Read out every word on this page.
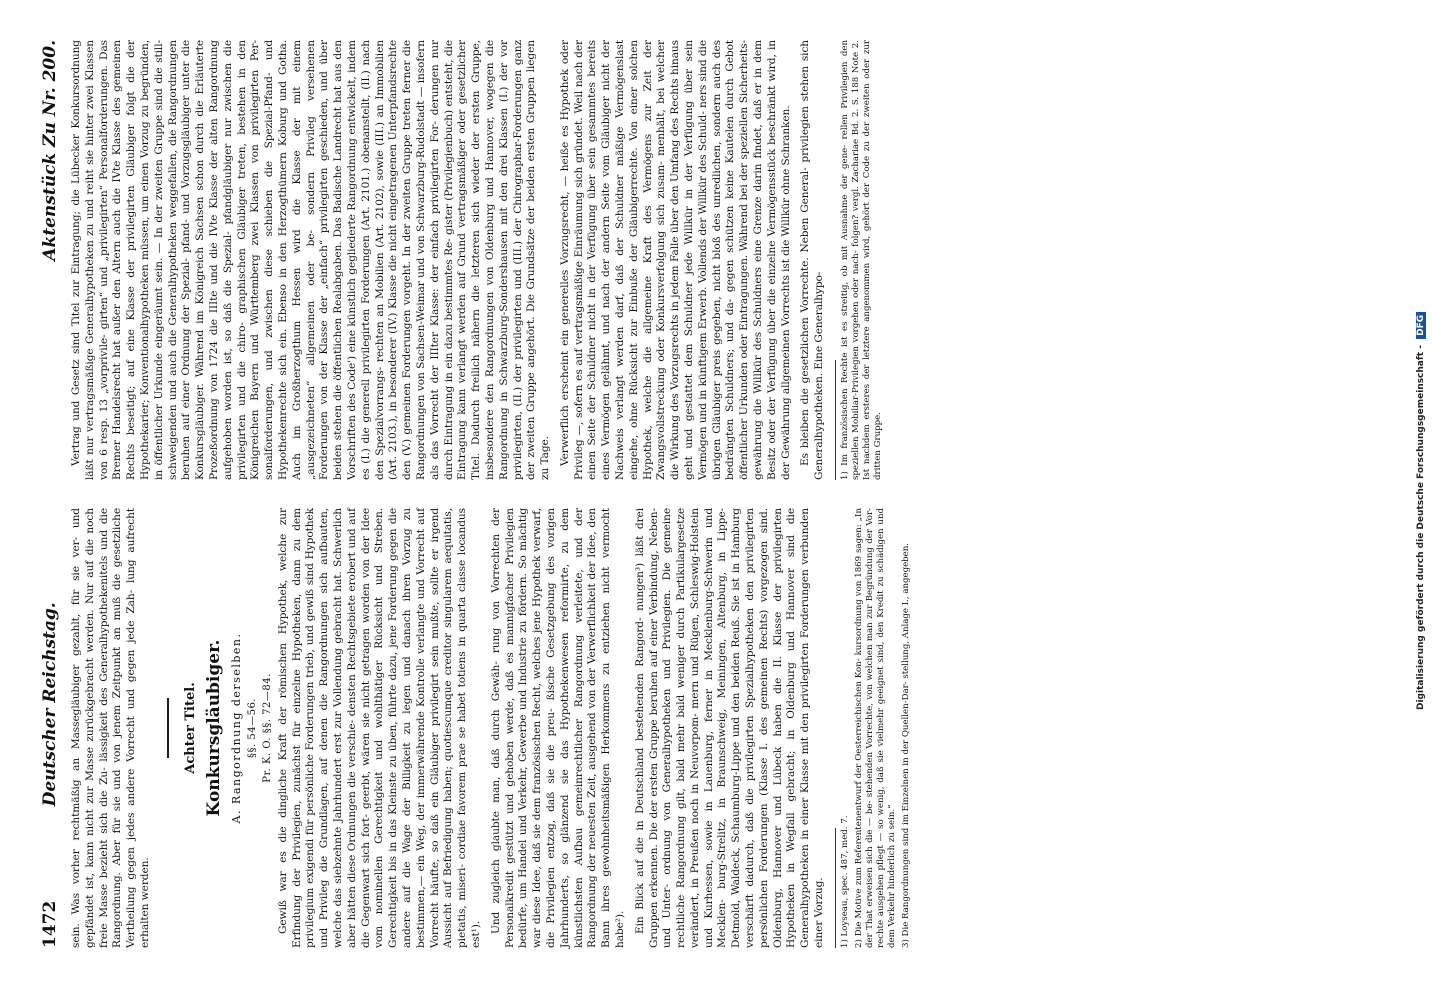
1472
Deutscher Reichstag. sein. Was vorher rechtmäßig an Massegläubiger gezahlt, für sie ver- und gepfändet ist, kann nicht zur Masse zurückgebracht werden. Nur auf die noch freie Masse bezieht sich die Zu- lässigkeit des Generalhypothekenitels und die Rangordnung. Aber für sie und von jenem Zeitpunkt an muß die gesetzliche Vertheilung gegen jedes andere Vorrecht und gegen jede Zah- lung aufrecht erhalten werden.

Achter Titel. Konkursgläubiger. A. Rangordnung derselben. §§. 54—56. Pr. K. O. §§. 72—84. Gewiß war es die dingliche Kraft der römischen Hypothek, welche zur Erfindung der Privilegien, zunächst für einzelne Hypotheken, dann zu dem privilegium exigendi für persönliche Forderungen trieb, und gewiß sind Hypothek und Privileg die Grundlagen, auf denen die Rangordnungen sich aufbauten, welche das siebzehnte Jahrhundert erst zur Vollendung gebracht hat. Schwerlich aber hätten diese Ordnungen die verschie- densten Rechtsgebiete erobert und auf die Gegenwart sich fort- geerbt, wären sie nicht getragen worden von der Idee vom nominellen Gerechtigkeit und wohlthätiger Rücksicht und Streben. Gerechtigkeit bis in das Kleinste zu üben, führte dazu, jene Forderung gegen die andere auf die Wage der Billigkeit zu legen und danach ihren Vorzug zu bestimmen,— ein Weg, der immerwährende Kontrolle verlangte und Vorrecht auf Vorrecht häufte, so daß ein Gläubiger privilegirt sein mußte, sollte er irgend Aussicht auf Befriedigung haben; quotiescumque creditor singularem aequitatis, pietatis, miseri- cordiae favorem prae se habet totiens in quarta classe locandus est¹).

Und zugleich glaubte man, daß durch Gewäh- rung von Vorrechten der Personalkredit gestützt und gehoben werde, daß es mannigfacher Privilegien bedürfe, um Handel und Verkehr, Gewerbe und Industrie zu fördern. So mächtig war diese Idee, daß sie dem französischen Recht, welches jene Hypothek verwarf, die Privilegien entzog, daß sie die preu- ßische Gesetzgebung des vorigen Jahrhunderts, so glänzend sie das Hypothekenwesen reformirte, zu dem künstlichsten Aufbau gemeinrechtlicher Rangordnung verleitete, und der Rangordnung der neuesten Zeit, ausgehend von der Verwerflichkeit der Idee, den Bann ihres gewohnheitsmäßigen Herkommens zu entziehen nicht vermocht habe²). Ein Blick auf die in Deutschland bestehenden Rangord- nungen³) läßt drei Gruppen erkennen. Die der ersten Gruppe beruhen auf einer Verbindung, Neben- und Unter- ordnung von Generalhypotheken und Privilegien. Die gemeine rechtliche Rangordnung gilt, bald mehr bald weniger durch Partikulargesetze verändert, in Preußen noch in Neuvorpom- mern und Rügen, Schleswig-Holstein und Kurhessen, sowie in Lauenburg, ferner in Mecklenburg-Schwerin und Mecklen- burg-Strelitz, in Braunschweig, Meiningen, Altenburg, in Lippe- Detmold, Waldeck, Schaumburg-Lippe und den beiden Reuß. Sie ist in Hamburg verschärft dadurch, daß die privilegirten Spezialhypotheken den privilegirten persönlichen Forderungen (Klasse I. des gemeinen Rechts) vorgezogen sind. Oldenburg, Hannover und Lübeck haben die II. Klasse der privilegirten Hypotheken in Wegfall gebracht; in Oldenburg und Hannover sind die Generalhypotheken in einer Klasse mit den privilegirten Forderungen verbunden einer Vorzug. 1) Loyseau, spec. 487, med. 7. 2) Die Motive zum Referentenentwurf der Oesterreichischen Kon- kursordnung von 1869 sagen: „In der That erweisen sich die — be- stehenden Vorrechte, von welchen man zur Begründung der Vor- rechte ausgehen pflegt — so wenig, daß sie vielmehr geeignet sind, den Kredit zu schädigen und dem Verkehr hinderlich zu sein.“ 3) Die Rangordnungen sind im Einzelnen in der Quellen-Dar- stellung, Anlage I., angegeben.

Aktenstück Zu Nr. 200. Vertrag und Gesetz sind Titel zur Eintragung; die Lübecker Konkursordnung läßt nur vertragsmäßige Generalhypotheken zu und reiht sie hinter zwei Klassen von 6 resp. 13 „vorprivile- girten“ und „privilegirten“ Personalforderungen. Das Bremer Handelsrecht hat außer den Altern auch die IVte Klasse des gemeinen Rechts beseitigt; auf eine Klasse der privilegirten Gläubiger folgt die der Hypothekarier; Konventionalhypotheken müssen, um einen Vorzug zu begründen, in öffentlicher Urkunde eingeräumt sein. — In der zweiten Gruppe sind die still- schweigenden und auch die Generalhypotheken weggefallen, die Rangordnungen beruhen auf einer Ordnung der Spezial- pfand- und Vorzugsgläubiger unter die Konkursgläubiger. Während im Königreich Sachsen schon durch die Erläuterte Prozeßordnung von 1724 die IIIte und die IVte Klasse der alten Rangordnung aufgehoben worden ist, so daß die Spezial- pfandgläubiger nur zwischen die privilegirten und die chiro- graphischen Gläubiger treten, bestehen in den Königreichen Bayern und Württemberg zwei Klassen von privilegirten Per- sonalforderungen, und zwischen diese schieben die Spezial-Pfand- und Hypothekenrechte sich ein. Ebenso in den Herzogthümern Koburg und Gotha. Auch im Großherzogthum Hessen wird die Klasse der mit einem „ausgezeichneten“ allgemeinen oder be- sondern Privileg versehenen Forderungen von der Klasse der „einfach“ privilegirten geschieden, und über beiden stehen die öffentlichen Realabgaben. Das Badische Landrecht hat aus den Vorschriften des Code') eine künstlich gegliederte Rangordnung entwickelt, indem es (I.) die generell privilegirten Forderungen (Art. 2101.) obenanstellt, (II.) nach den Spezialvorrangs- rechten an Mobilien (Art. 2102), sowie (III.) an Immobilien (Art. 2103.), in besonderer (IV.) Klasse die nicht eingetragenen Unterpfandsrechte den (V.) gemeinen Forderungen vorgeht. In der zweiten Gruppe treten ferner die Rangordnungen von Sachsen-Weimar und von Schwarzburg-Rudolstadt — insofern als das Vorrecht der IIIter Klasse: der einfach privilegirten For- derungen nur durch Eintragung in ein dazu bestimmtes Re- gister (Privilegienbuch) entsteht, die Eintragung kann verlangt werden auf Grund vertragsmäßiger oder gesetzlicher Titel. Dadurch freilich nähern die letzteren sich wieder der ersten Gruppe, insbesondere den Rangordnungen von Oldenburg und Hannover, wogegen die Rangordnung in Schwarzburg-Sondershausen mit den drei Klassen (I.) der vor privilegirten, (II.) der privilegirten und (III.) der Chirographar-Forderungen ganz der zweiten Gruppe angehört. Die Grundsätze der beiden ersten Gruppen liegen zu Tage. Verwerflich erscheint ein generelles Vorzugsrecht, — heiße es Hypothek oder Privileg —, sofern es auf vertragsmäßige Einräumung sich gründet. Weil nach der einen Seite der Schuldner nicht in der Verfügung über sein gesammtes bereits eines Vermögen gelähmt, und nach der andern Seite vom Gläubiger nicht der Nachweis verlangt werden darf, daß der Schuldner mäßige Vermögenslast eingehe, ohne Rücksicht zur Einbuße der Gläubigerrechte. Von einer solchen Hypothek, welche die allgemeine Kraft des Vermögens zur Zeit der Zwangsvollstreckung oder Konkursverfolgung sich zusam- menhält, bei welcher die Wirkung des Vorzugsrechts in jedem Falle über den Umfang des Rechts hinaus geht und gestattet dem Schuldner jede Willkür in der Verfügung über sein Vermögen und in künftigem Erwerb. Vollends der Willkür des Schuld- ners sind die übrigen Gläubiger preis gegeben, nicht bloß des unredlichen, sondern auch des bedrängten Schuldners; und da- gegen schützen keine Kautelen durch Gebot öffentlicher Urkunden oder Eintragungen. Während bei der speziellen Sicherheits- gewährung die Willkür des Schuldners eine Grenze darin findet, daß er in dem Besitz oder der Verfügung über die einzelne Vermögensstück beschränkt wird, in der Gewährung allgemeinen Vorrechts ist die Willkür ohne Schranken. Es bleiben die gesetzlichen Vorrechte. Neben General- privilegien stehen sich Generalhypotheken. Eine Generalhypo- 1) Im französischen Rechte ist es streitig, ob mit Ausnahme der gene- rellen Privilegien den speziellen Mobiliar-Privilegien vorgehen oder nach- folgen? vergl. Zachariae Bd. 2. S. 188 Note 2. Ist nachdem ersteres der letztere angenommen wird, gehört der Code zu der zweiten oder zur dritten Gruppe.	Digitalisierung gefördert durch die Deutsche Forschungsgemeinschaft - DFG
